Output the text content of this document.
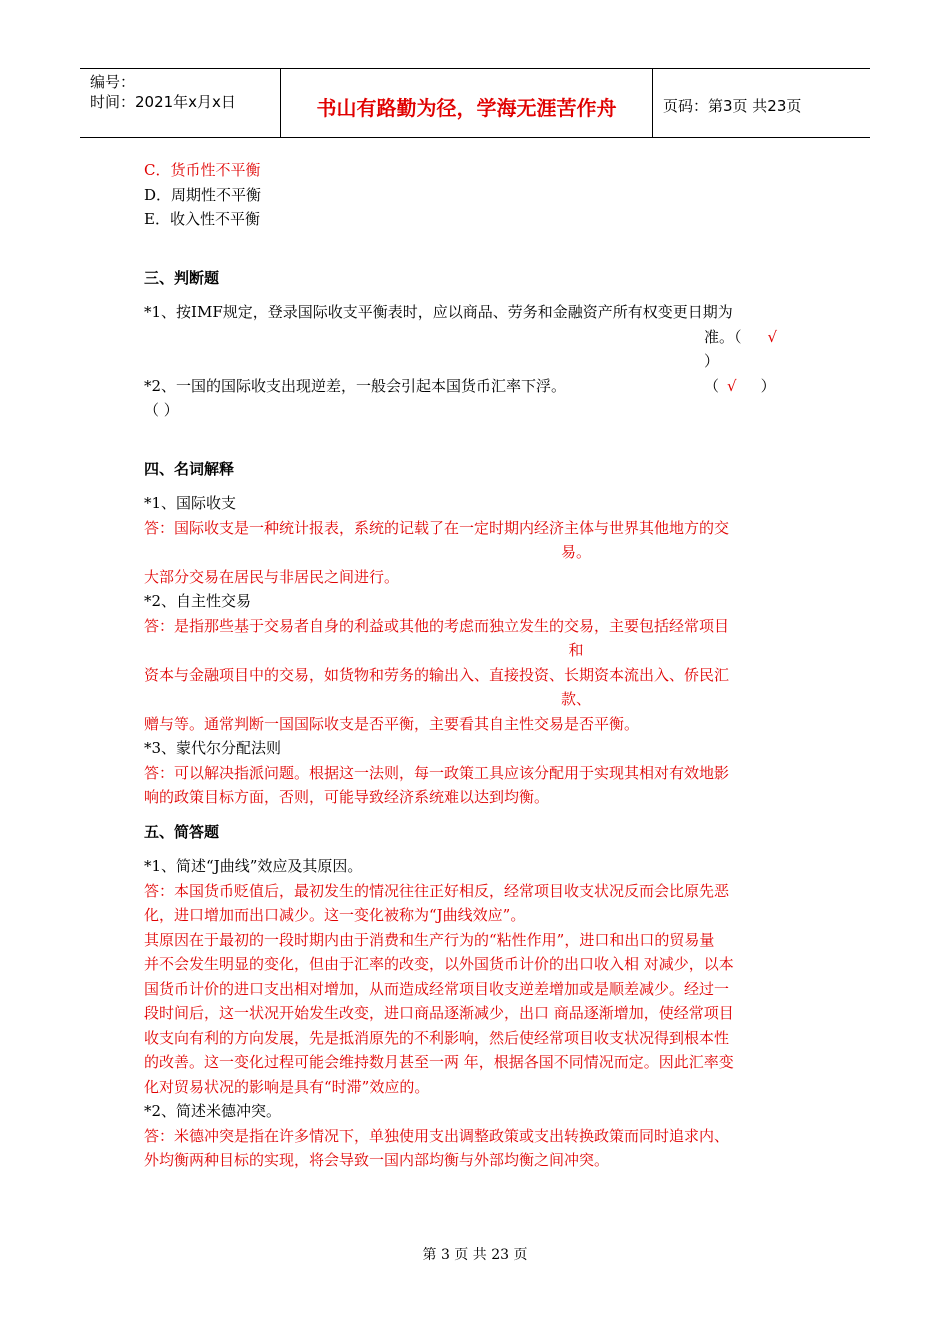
编号：
时间：2021年x月x日	书山有路勤为径，学海无涯苦作舟	页码：第3页 共23页
C．货币性不平衡
D．周期性不平衡
E．收入性不平衡
三、判断题
*1、按IMF规定，登录国际收支平衡表时，应以商品、劳务和金融资产所有权变更日期为
准。（ √
）
*2、一国的国际收支出现逆差，一般会引起本国货币汇率下浮。	（ √ ）
（ ）
四、名词解释
*1、国际收支
答：国际收支是一种统计报表，系统的记载了在一定时期内经济主体与世界其他地方的交
易。
大部分交易在居民与非居民之间进行。
*2、自主性交易
答：是指那些基于交易者自身的利益或其他的考虑而独立发生的交易，主要包括经常项目
和
资本与金融项目中的交易，如货物和劳务的输出入、直接投资、长期资本流出入、侨民汇
款、
赠与等。通常判断一国国际收支是否平衡，主要看其自主性交易是否平衡。
*3、蒙代尔分配法则
答：可以解决指派问题。根据这一法则，每一政策工具应该分配用于实现其相对有效地影
响的政策目标方面，否则，可能导致经济系统难以达到均衡。
五、简答题
*1、简述“J曲线”效应及其原因。
答：本国货币贬值后，最初发生的情况往往正好相反，经常项目收支状况反而会比原先恶
化，进口增加而出口减少。这一变化被称为“J曲线效应”。
其原因在于最初的一段时期内由于消费和生产行为的“粘性作用”，进口和出口的贸易量
并不会发生明显的变化，但由于汇率的改变，以外国货币计价的出口收入相 对减少，以本
国货币计价的进口支出相对增加，从而造成经常项目收支逆差增加或是顺差减少。经过一
段时间后，这一状况开始发生改变，进口商品逐渐减少，出口 商品逐渐增加，使经常项目
收支向有利的方向发展，先是抵消原先的不利影响，然后使经常项目收支状况得到根本性
的改善。这一变化过程可能会维持数月甚至一两 年，根据各国不同情况而定。因此汇率变
化对贸易状况的影响是具有“时滞”效应的。
*2、简述米德冲突。
答：米德冲突是指在许多情况下，单独使用支出调整政策或支出转换政策而同时追求内、
外均衡两种目标的实现，将会导致一国内部均衡与外部均衡之间冲突。
第 3 页 共 23 页
